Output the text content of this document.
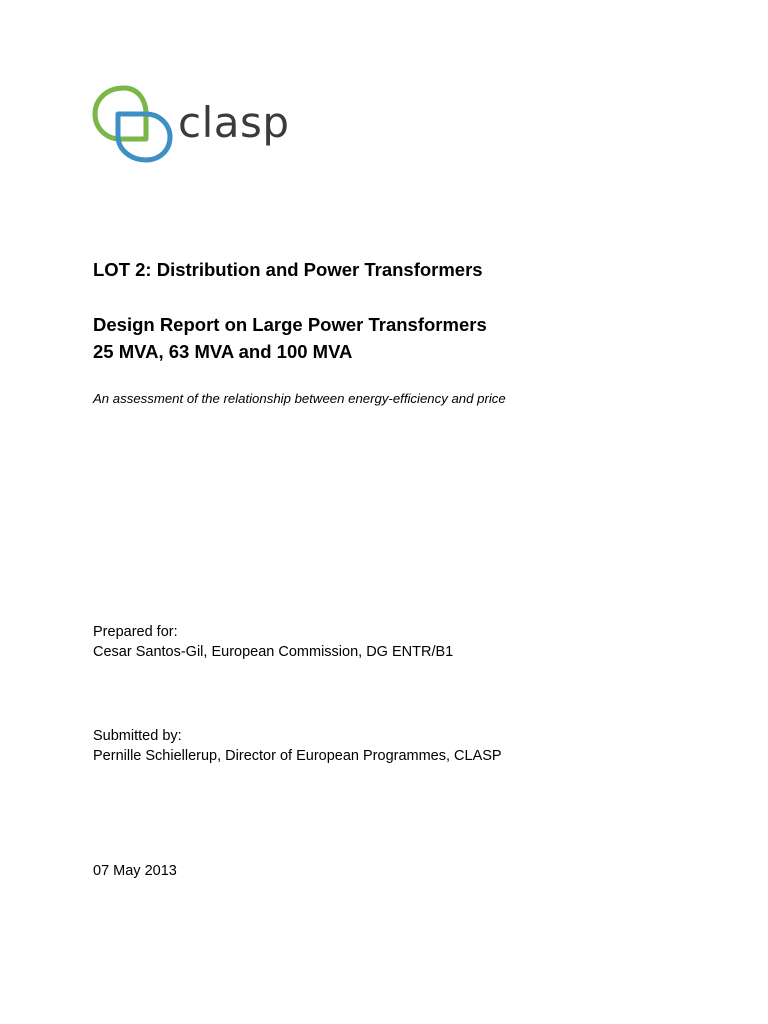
clasp
LOT 2: Distribution and Power Transformers
Design Report on Large Power Transformers
25 MVA, 63 MVA and 100 MVA
An assessment of the relationship between energy-efficiency and price
Prepared for:
Cesar Santos-Gil, European Commission, DG ENTR/B1
Submitted by:
Pernille Schiellerup, Director of European Programmes, CLASP
07 May 2013
